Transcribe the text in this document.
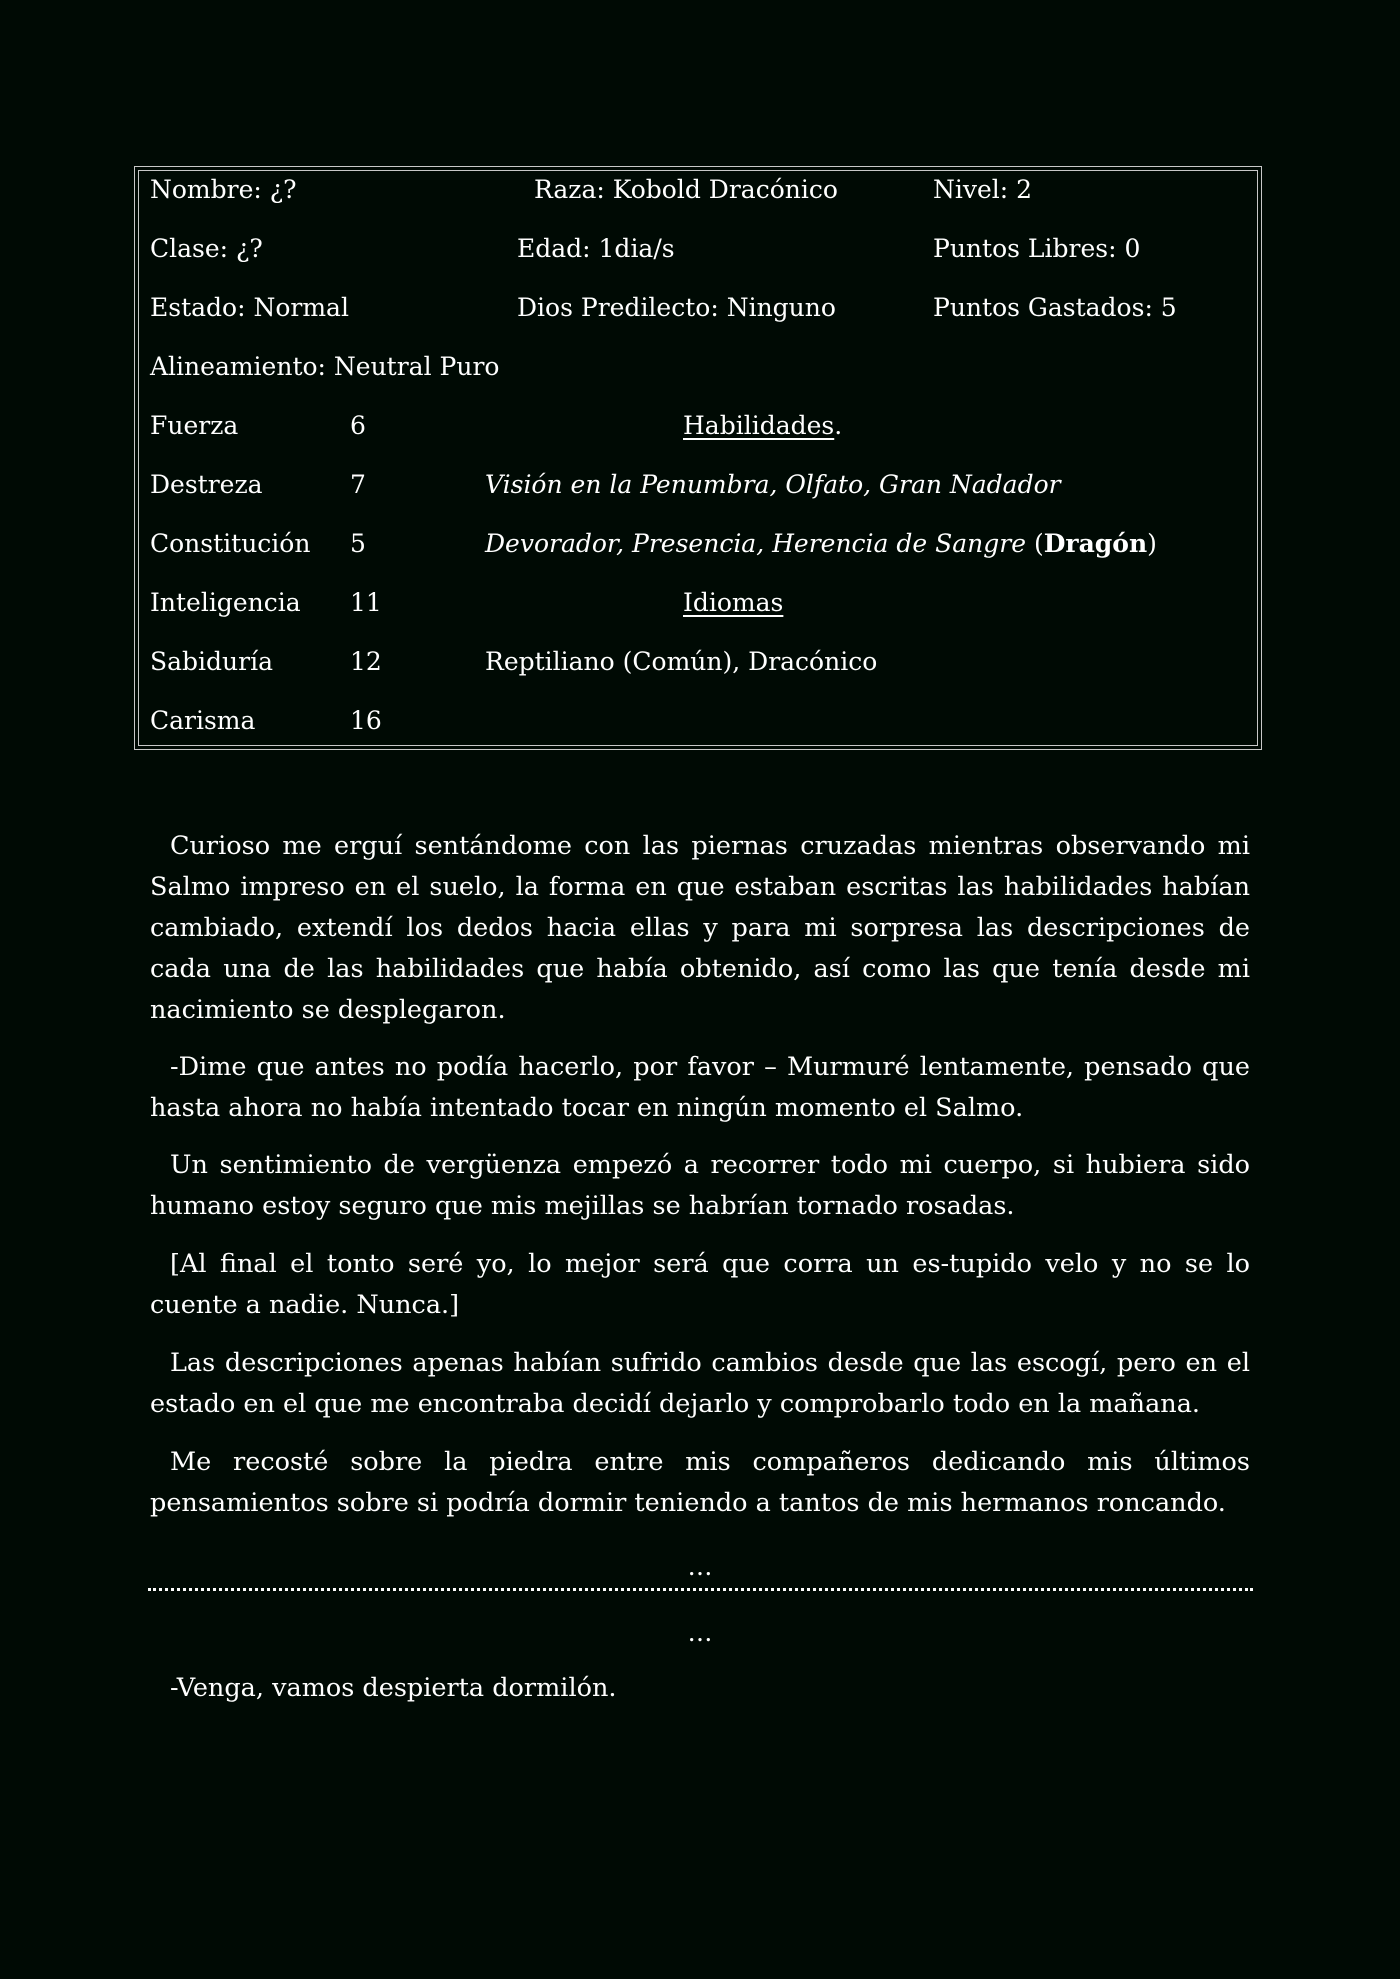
Nombre: ¿?	Raza: Kobold Dracónico	Nivel: 2
Clase: ¿?	Edad: 1dia/s	Puntos Libres: 0
Estado: Normal	Dios Predilecto: Ninguno	Puntos Gastados: 5
Alineamiento: Neutral Puro
Fuerza	6
Destreza	7
Constitución 5
Inteligencia 11
Sabiduría	12
Carisma	16
Habilidades.
Visión en la Penumbra, Olfato, Gran Nadador
Devorador, Presencia, Herencia de Sangre (Dragón)
Idiomas
Reptiliano (Común), Dracónico

Curioso me erguí sentándome con las piernas cruzadas mientras observando mi Salmo impreso en el suelo, la forma en que estaban escritas las habilidades habían cambiado, extendí los dedos hacia ellas y para mi sorpresa las descripciones de cada una de las habilidades que había obtenido, así como las que tenía desde mi nacimiento se desplegaron.

-Dime que antes no podía hacerlo, por favor – Murmuré lentamente, pensado que hasta ahora no había intentado tocar en ningún momento el Salmo.

Un sentimiento de vergüenza empezó a recorrer todo mi cuerpo, si hubiera sido humano estoy seguro que mis mejillas se habrían tornado rosadas.

[Al final el tonto seré yo, lo mejor será que corra un es-tupido velo y no se lo cuente a nadie. Nunca.]

Las descripciones apenas habían sufrido cambios desde que las escogí, pero en el estado en el que me encontraba decidí dejarlo y comprobarlo todo en la mañana.

Me recosté sobre la piedra entre mis compañeros dedicando mis últimos pensamientos sobre si podría dormir teniendo a tantos de mis hermanos roncando.

…
…

-Venga, vamos despierta dormilón.
